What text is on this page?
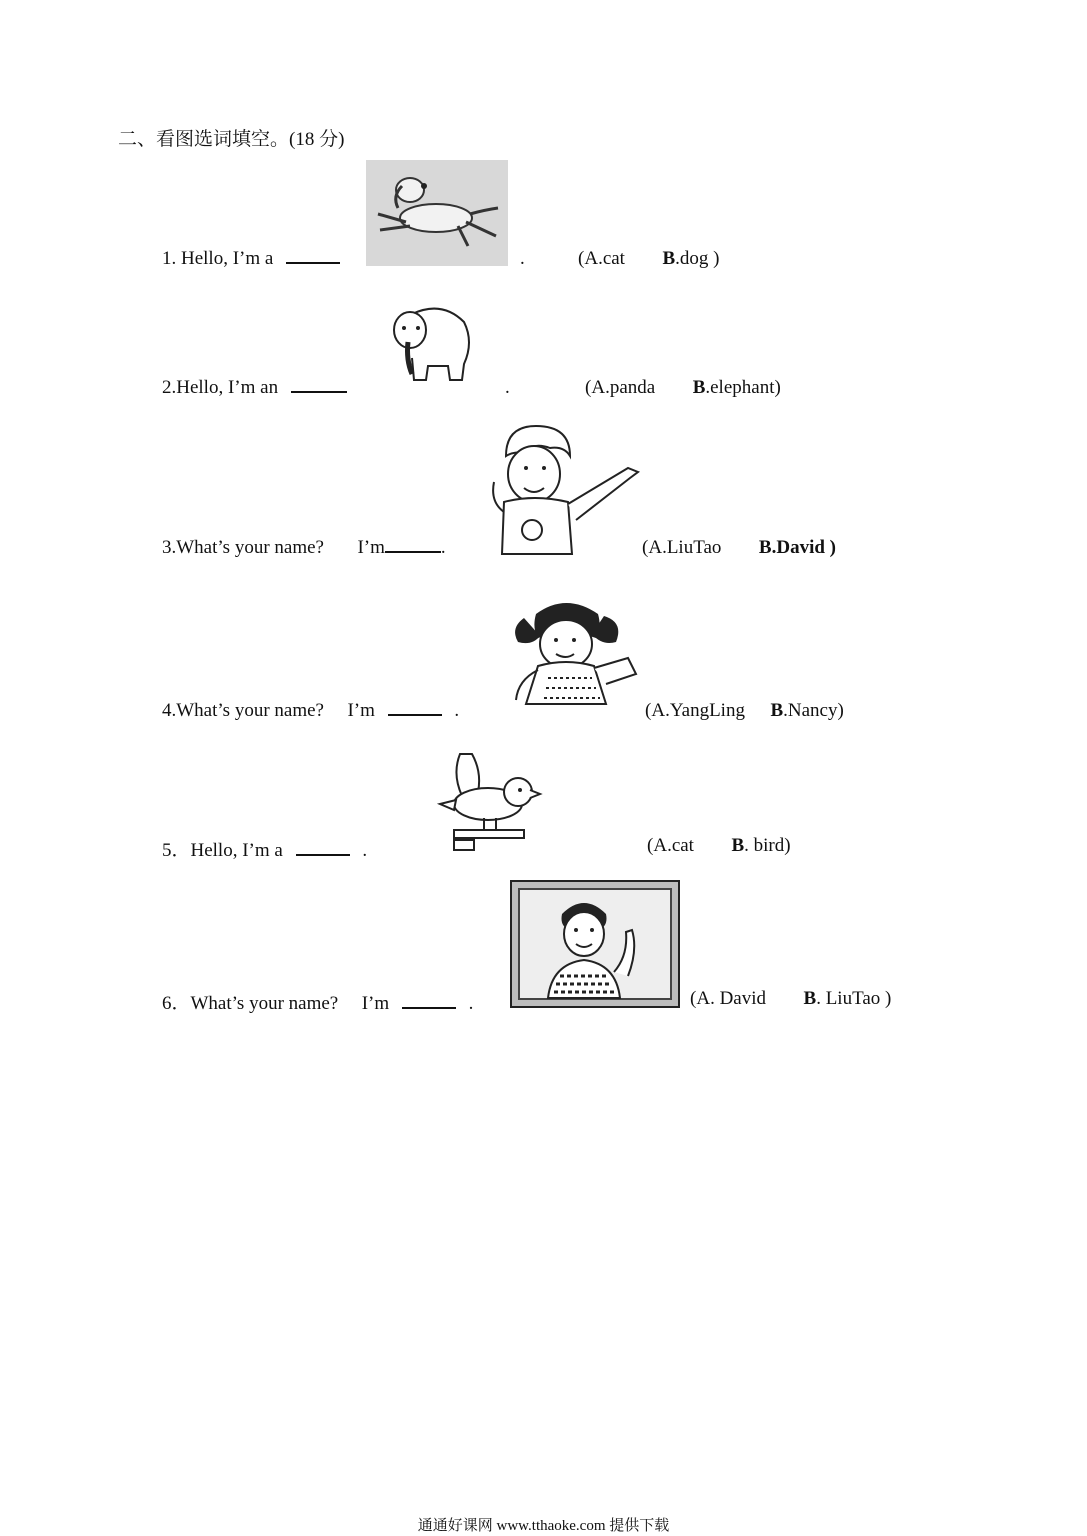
二、看图选词填空。(18 分)
1. Hello, I’m a	.	(A.cat B.dog )
2.Hello, I’m an	.	(A.panda B.elephant)
3.What’s your name? I’m	.	(A.LiuTao B.David )
4.What’s your name? I’m	.	(A.YangLing B.Nancy)
5．Hello, I’m a	.	(A.cat B. bird)
6．What’s your name? I’m	.	(A. David B. LiuTao )
通通好课网 www.tthaoke.com 提供下载
